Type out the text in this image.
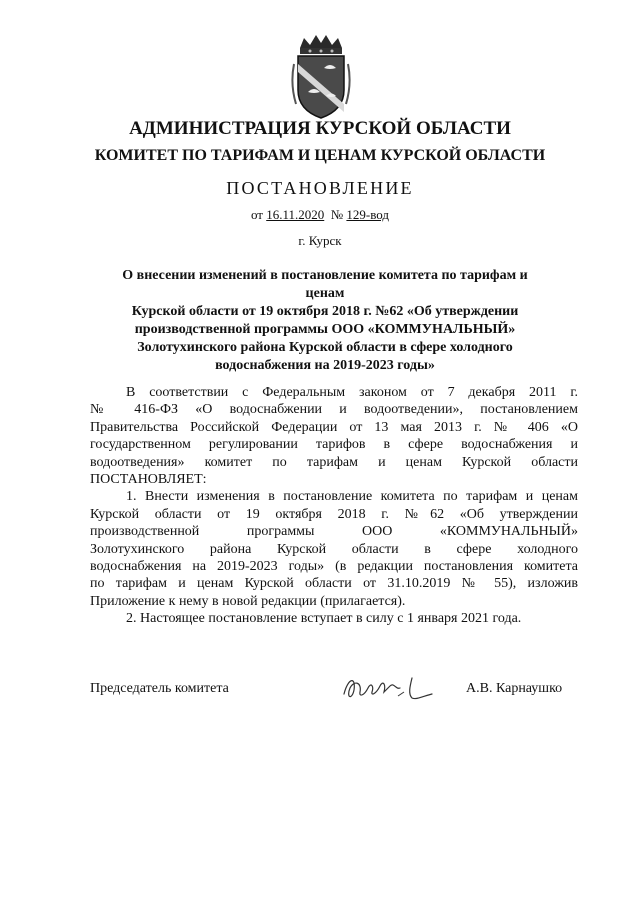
АДМИНИСТРАЦИЯ КУРСКОЙ ОБЛАСТИ
КОМИТЕТ ПО ТАРИФАМ И ЦЕНАМ КУРСКОЙ ОБЛАСТИ
ПОСТАНОВЛЕНИЕ
от 16.11.2020 № 129-вод
г. Курск
О внесении изменений в постановление комитета по тарифам и ценам
Курской области от 19 октября 2018 г. №62 «Об утверждении
производственной программы ООО «КОММУНАЛЬНЫЙ»
Золотухинского района Курской области в сфере холодного
водоснабжения на 2019-2023 годы»

В соответствии с Федеральным законом от 7 декабря 2011 г.

№ 416-ФЗ «О водоснабжении и водоотведении», постановлением

Правительства Российской Федерации от 13 мая 2013 г. № 406 «О

государственном регулировании тарифов в сфере водоснабжения и

водоотведения» комитет по тарифам и ценам Курской области

ПОСТАНОВЛЯЕТ:

1. Внести изменения в постановление комитета по тарифам и ценам

Курской области от 19 октября 2018 г. №62 «Об утверждении

производственной программы ООО «КОММУНАЛЬНЫЙ»

Золотухинского района Курской области в сфере холодного

водоснабжения на 2019-2023 годы» (в редакции постановления комитета

по тарифам и ценам Курской области от 31.10.2019 № 55), изложив

Приложение к нему в новой редакции (прилагается).

2. Настоящее постановление вступает в силу с 1 января 2021 года.

Председатель комитета	А.В. Карнаушко
